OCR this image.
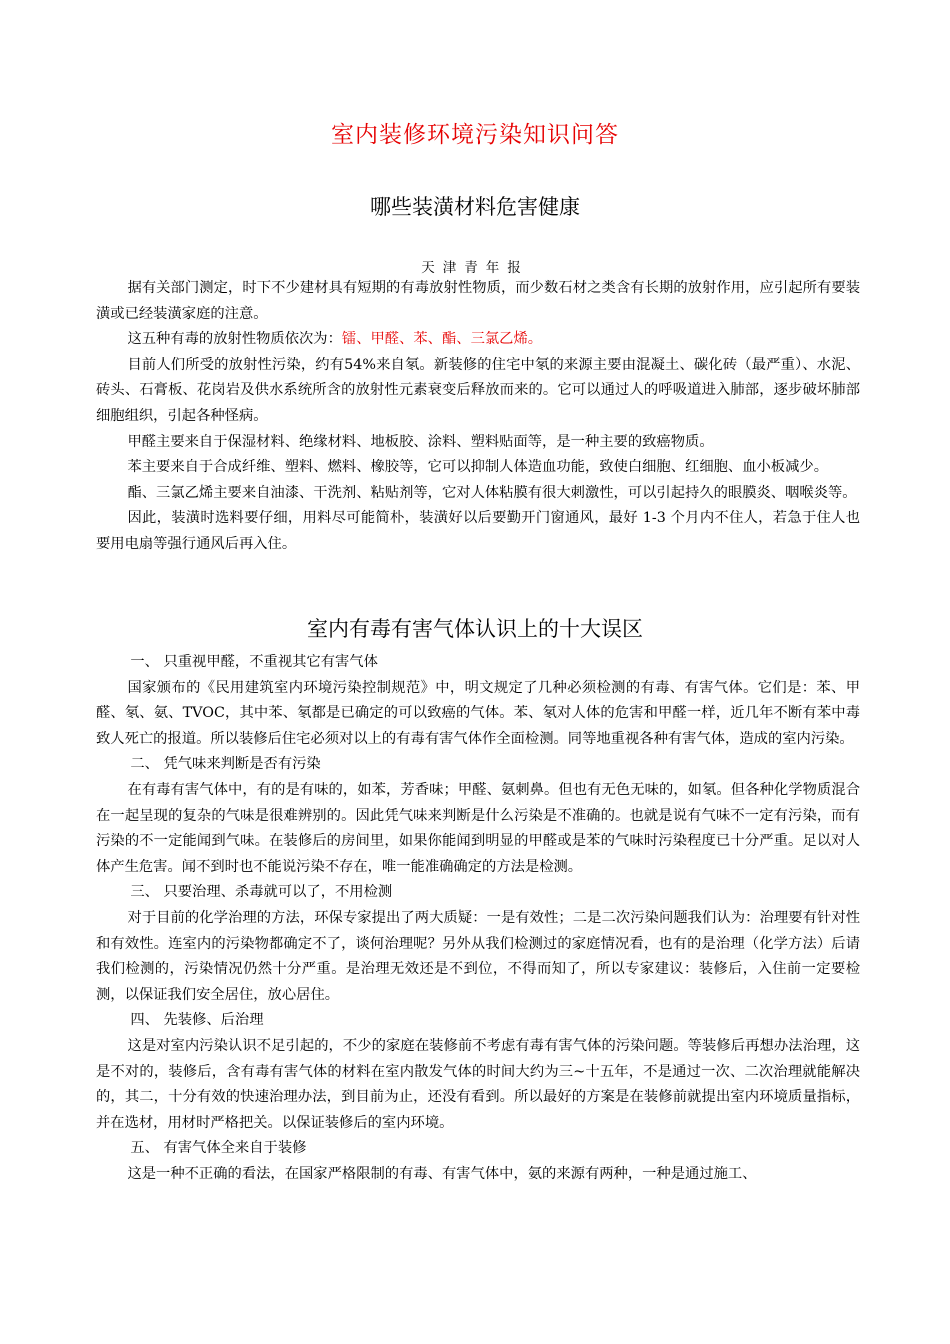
室内装修环境污染知识问答
哪些装潢材料危害健康
天津青年报

据有关部门测定，时下不少建材具有短期的有毒放射性物质，而少数石材之类含有长期的放射作用，应引起所有要装潢或已经装潢家庭的注意。

这五种有毒的放射性物质依次为：镭、甲醛、苯、酯、三氯乙烯。

目前人们所受的放射性污染，约有54%来自氡。新装修的住宅中氡的来源主要由混凝土、碳化砖（最严重）、水泥、砖头、石膏板、花岗岩及供水系统所含的放射性元素衰变后释放而来的。它可以通过人的呼吸道进入肺部，逐步破坏肺部细胞组织，引起各种怪病。

甲醛主要来自于保湿材料、绝缘材料、地板胶、涂料、塑料贴面等，是一种主要的致癌物质。

苯主要来自于合成纤维、塑料、燃料、橡胶等，它可以抑制人体造血功能，致使白细胞、红细胞、血小板减少。

酯、三氯乙烯主要来自油漆、干洗剂、粘贴剂等，它对人体粘膜有很大刺激性，可以引起持久的眼膜炎、咽喉炎等。

因此，装潢时选料要仔细，用料尽可能简朴，装潢好以后要勤开门窗通风，最好 1-3 个月内不住人，若急于住人也要用电扇等强行通风后再入住。

室内有毒有害气体认识上的十大误区

一、 只重视甲醛，不重视其它有害气体

国家颁布的《民用建筑室内环境污染控制规范》中，明文规定了几种必须检测的有毒、有害气体。它们是：苯、甲醛、氡、氨、TVOC，其中苯、氡都是已确定的可以致癌的气体。苯、氡对人体的危害和甲醛一样，近几年不断有苯中毒致人死亡的报道。所以装修后住宅必须对以上的有毒有害气体作全面检测。同等地重视各种有害气体，造成的室内污染。

二、 凭气味来判断是否有污染

在有毒有害气体中，有的是有味的，如苯，芳香味；甲醛、氨刺鼻。但也有无色无味的，如氡。但各种化学物质混合在一起呈现的复杂的气味是很难辨别的。因此凭气味来判断是什么污染是不准确的。也就是说有气味不一定有污染，而有污染的不一定能闻到气味。在装修后的房间里，如果你能闻到明显的甲醛或是苯的气味时污染程度已十分严重。足以对人体产生危害。闻不到时也不能说污染不存在，唯一能准确确定的方法是检测。

三、 只要治理、杀毒就可以了，不用检测

对于目前的化学治理的方法，环保专家提出了两大质疑：一是有效性；二是二次污染问题我们认为：治理要有针对性和有效性。连室内的污染物都确定不了，谈何治理呢？另外从我们检测过的家庭情况看，也有的是治理（化学方法）后请我们检测的，污染情况仍然十分严重。是治理无效还是不到位，不得而知了，所以专家建议：装修后，入住前一定要检测，以保证我们安全居住，放心居住。

四、 先装修、后治理

这是对室内污染认识不足引起的，不少的家庭在装修前不考虑有毒有害气体的污染问题。等装修后再想办法治理，这是不对的，装修后，含有毒有害气体的材料在室内散发气体的时间大约为三~十五年，不是通过一次、二次治理就能解决的，其二，十分有效的快速治理办法，到目前为止，还没有看到。所以最好的方案是在装修前就提出室内环境质量指标，并在选材，用材时严格把关。以保证装修后的室内环境。

五、 有害气体全来自于装修

这是一种不正确的看法，在国家严格限制的有毒、有害气体中，氨的来源有两种，一种是通过施工、
